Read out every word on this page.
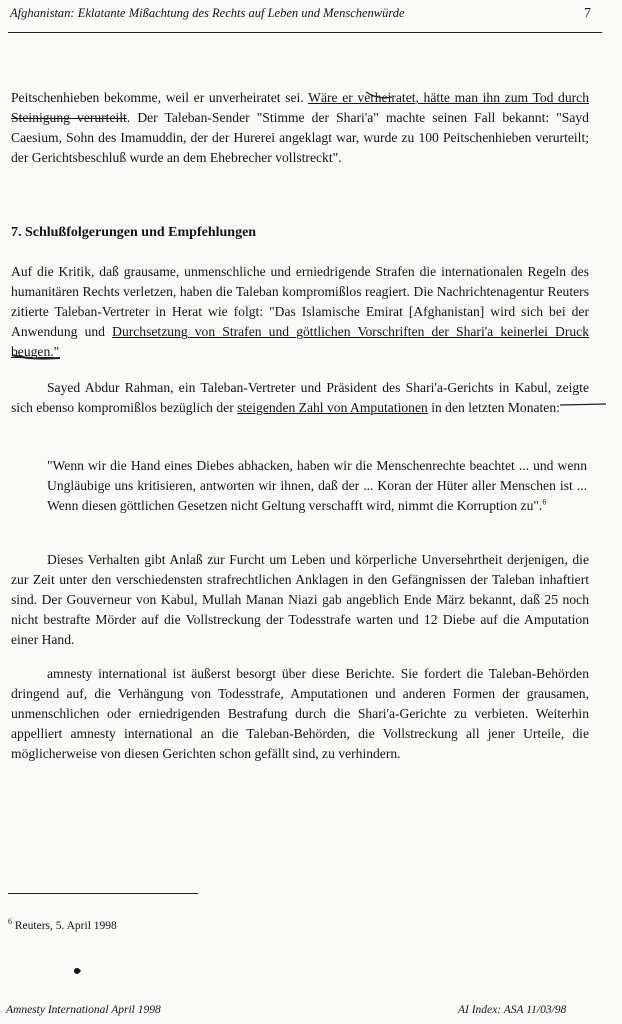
Afghanistan: Eklatante Mißachtung des Rechts auf Leben und Menschenwürde	7

Peitschenhieben bekomme, weil er unverheiratet sei. Wäre er verheiratet, hätte man ihn zum Tod durch Steinigung verurteilt. Der Taleban-Sender "Stimme der Shari'a" machte seinen Fall bekannt: "Sayd Caesium, Sohn des Imamuddin, der der Hurerei angeklagt war, wurde zu 100 Peitschenhieben verurteilt; der Gerichtsbeschluß wurde an dem Ehebrecher vollstreckt".

7. Schlußfolgerungen und Empfehlungen

Auf die Kritik, daß grausame, unmenschliche und erniedrigende Strafen die internationalen Regeln des humanitären Rechts verletzen, haben die Taleban kompromißlos reagiert. Die Nachrichtenagentur Reuters zitierte Taleban-Vertreter in Herat wie folgt: "Das Islamische Emirat [Afghanistan] wird sich bei der Anwendung und Durchsetzung von Strafen und göttlichen Vorschriften der Shari'a keinerlei Druck beugen."

Sayed Abdur Rahman, ein Taleban-Vertreter und Präsident des Shari'a-Gerichts in Kabul, zeigte sich ebenso kompromißlos bezüglich der steigenden Zahl von Amputationen in den letzten Monaten:

"Wenn wir die Hand eines Diebes abhacken, haben wir die Menschenrechte beachtet ... und wenn Ungläubige uns kritisieren, antworten wir ihnen, daß der ... Koran der Hüter aller Menschen ist ... Wenn diesen göttlichen Gesetzen nicht Geltung verschafft wird, nimmt die Korruption zu".$^6$

Dieses Verhalten gibt Anlaß zur Furcht um Leben und körperliche Unversehrtheit derjenigen, die zur Zeit unter den verschiedensten strafrechtlichen Anklagen in den Gefängnissen der Taleban inhaftiert sind. Der Gouverneur von Kabul, Mullah Manan Niazi gab angeblich Ende März bekannt, daß 25 noch nicht bestrafte Mörder auf die Vollstreckung der Todesstrafe warten und 12 Diebe auf die Amputation einer Hand.

amnesty international ist äußerst besorgt über diese Berichte. Sie fordert die Taleban-Behörden dringend auf, die Verhängung von Todesstrafe, Amputationen und anderen Formen der grausamen, unmenschlichen oder erniedrigenden Bestrafung durch die Shari'a-Gerichte zu verbieten. Weiterhin appelliert amnesty international an die Taleban-Behörden, die Vollstreckung all jener Urteile, die möglicherweise von diesen Gerichten schon gefällt sind, zu verhindern.

$^6$ Reuters, 5. April 1998
Amnesty International April 1998	AI Index: ASA 11/03/98
